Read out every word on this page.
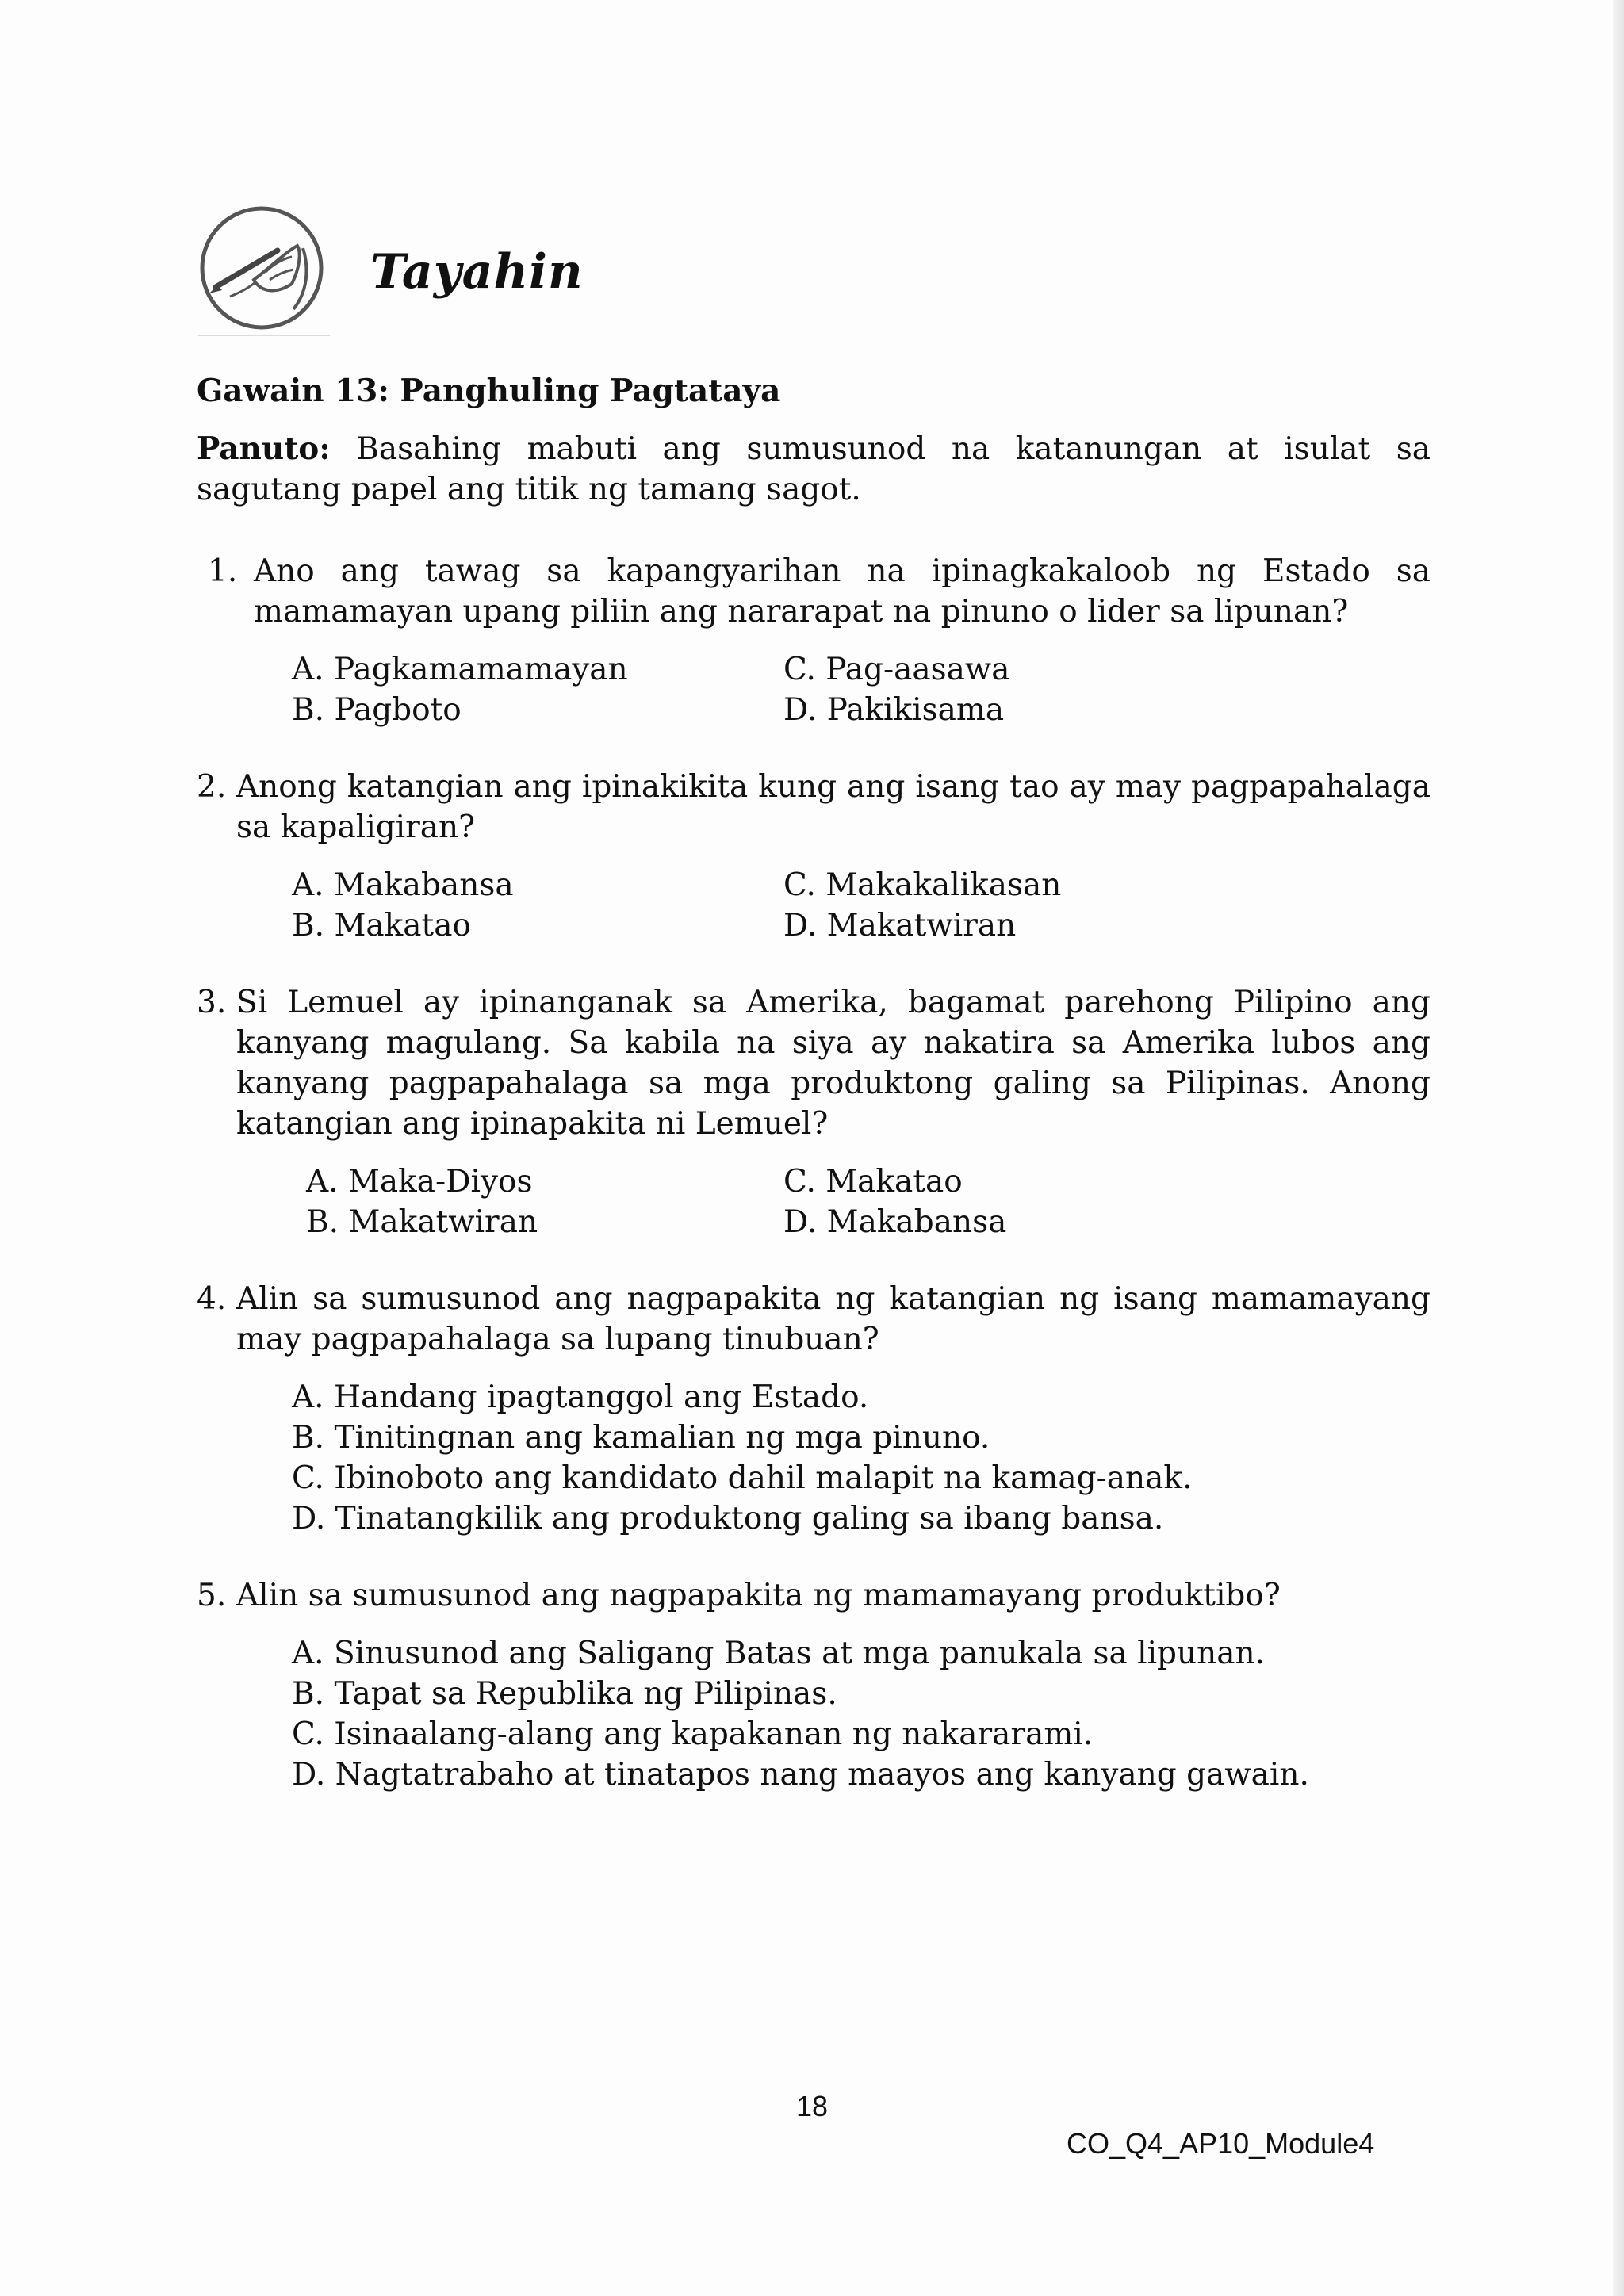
Tayahin
Gawain 13: Panghuling Pagtataya
Panuto: Basahing mabuti ang sumusunod na katanungan at isulat sa sagutang papel ang titik ng tamang sagot.
1. Ano ang tawag sa kapangyarihan na ipinagkakaloob ng Estado sa mamamayan upang piliin ang nararapat na pinuno o lider sa lipunan?
A. Pagkamamamayan	C. Pag-aasawa
B. Pagboto	D. Pakikisama
2. Anong katangian ang ipinakikita kung ang isang tao ay may pagpapahalaga sa kapaligiran?
A. Makabansa	C. Makakalikasan
B. Makatao	D. Makatwiran
3. Si Lemuel ay ipinanganak sa Amerika, bagamat parehong Pilipino ang kanyang magulang. Sa kabila na siya ay nakatira sa Amerika lubos ang kanyang pagpapahalaga sa mga produktong galing sa Pilipinas. Anong katangian ang ipinapakita ni Lemuel?
A. Maka-Diyos	C. Makatao
B. Makatwiran	D. Makabansa
4. Alin sa sumusunod ang nagpapakita ng katangian ng isang mamamayang may pagpapahalaga sa lupang tinubuan?
A. Handang ipagtanggol ang Estado.
B. Tinitingnan ang kamalian ng mga pinuno.
C. Ibinoboto ang kandidato dahil malapit na kamag-anak.
D. Tinatangkilik ang produktong galing sa ibang bansa.
5. Alin sa sumusunod ang nagpapakita ng mamamayang produktibo?
A. Sinusunod ang Saligang Batas at mga panukala sa lipunan.
B. Tapat sa Republika ng Pilipinas.
C. Isinaalang-alang ang kapakanan ng nakararami.
D. Nagtatrabaho at tinatapos nang maayos ang kanyang gawain.
18
CO_Q4_AP10_Module4
